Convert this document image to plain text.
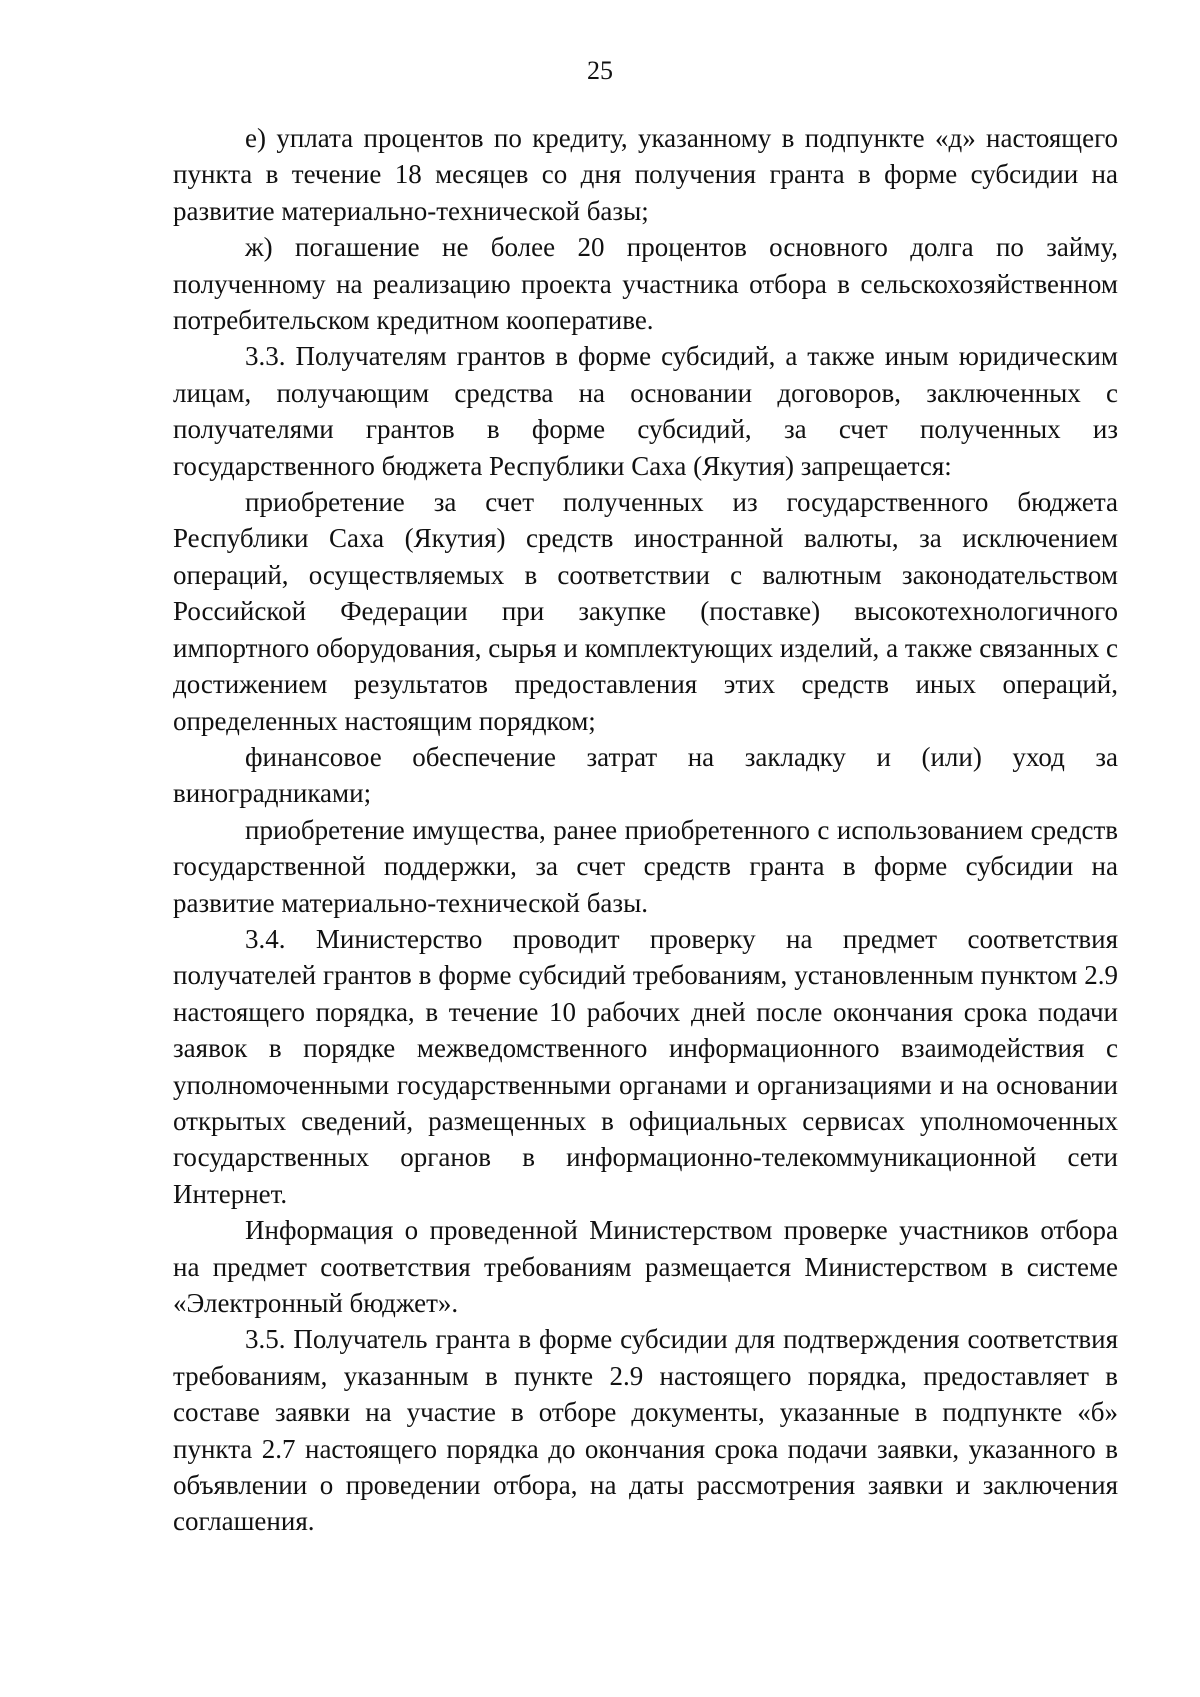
25

е) уплата процентов по кредиту, указанному в подпункте «д» настоящего пункта в течение 18 месяцев со дня получения гранта в форме субсидии на развитие материально-технической базы;

ж) погашение не более 20 процентов основного долга по займу, полученному на реализацию проекта участника отбора в сельскохозяйственном потребительском кредитном кооперативе.

3.3. Получателям грантов в форме субсидий, а также иным юридическим лицам, получающим средства на основании договоров, заключенных с получателями грантов в форме субсидий, за счет полученных из государственного бюджета Республики Саха (Якутия) запрещается:

приобретение за счет полученных из государственного бюджета Республики Саха (Якутия) средств иностранной валюты, за исключением операций, осуществляемых в соответствии с валютным законодательством Российской Федерации при закупке (поставке) высокотехнологичного импортного оборудования, сырья и комплектующих изделий, а также связанных с достижением результатов предоставления этих средств иных операций, определенных настоящим порядком;

финансовое обеспечение затрат на закладку и (или) уход за виноградниками;

приобретение имущества, ранее приобретенного с использованием средств государственной поддержки, за счет средств гранта в форме субсидии на развитие материально-технической базы.

3.4. Министерство проводит проверку на предмет соответствия получателей грантов в форме субсидий требованиям, установленным пунктом 2.9 настоящего порядка, в течение 10 рабочих дней после окончания срока подачи заявок в порядке межведомственного информационного взаимодействия с уполномоченными государственными органами и организациями и на основании открытых сведений, размещенных в официальных сервисах уполномоченных государственных органов в информационно-телекоммуникационной сети Интернет.

Информация о проведенной Министерством проверке участников отбора на предмет соответствия требованиям размещается Министерством в системе «Электронный бюджет».

3.5. Получатель гранта в форме субсидии для подтверждения соответствия требованиям, указанным в пункте 2.9 настоящего порядка, предоставляет в составе заявки на участие в отборе документы, указанные в подпункте «б» пункта 2.7 настоящего порядка до окончания срока подачи заявки, указанного в объявлении о проведении отбора, на даты рассмотрения заявки и заключения соглашения.
